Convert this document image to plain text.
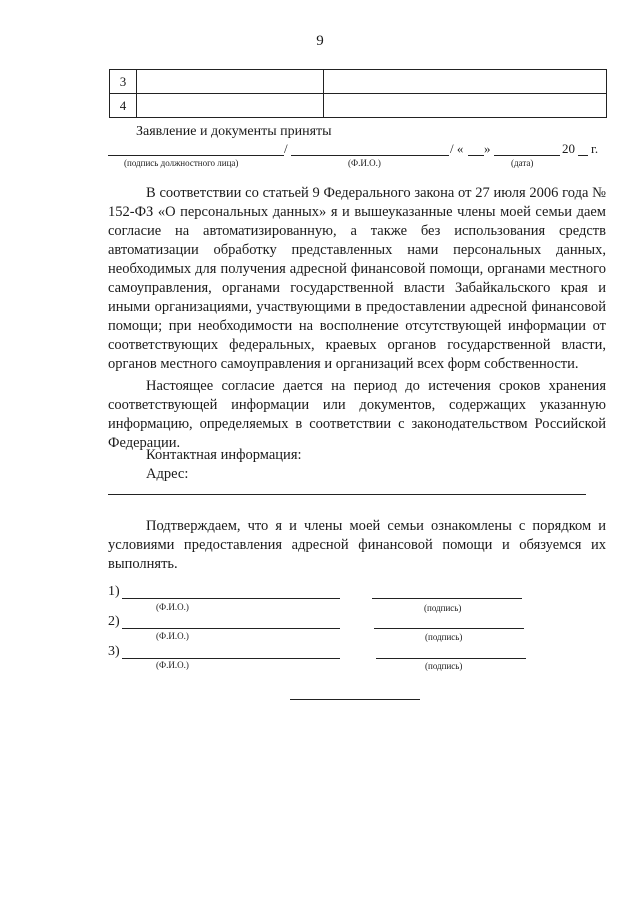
9
3		
4		
Заявление и документы приняты
/	/ « »	20 г.
(подпись должностного лица)	(Ф.И.О.)	(дата)
В соответствии со статьей 9 Федерального закона от 27 июля 2006 года № 152-ФЗ «О персональных данных» я и вышеуказанные члены моей семьи даем согласие на автоматизированную, а также без использования средств автоматизации обработку представленных нами персональных данных, необходимых для получения адресной финансовой помощи, органами местного самоуправления, органами государственной власти Забайкальского края и иными организациями, участвующими в предоставлении адресной финансовой помощи; при необходимости на восполнение отсутствующей информации от соответствующих федеральных, краевых органов государственной власти, органов местного самоуправления и организаций всех форм собственности.
Настоящее согласие дается на период до истечения сроков хранения соответствующей информации или документов, содержащих указанную информацию, определяемых в соответствии с законодательством Российской Федерации.
Контактная информация:
Адрес:
Подтверждаем, что я и члены моей семьи ознакомлены с порядком и условиями предоставления адресной финансовой помощи и обязуемся их выполнять.
1)
(Ф.И.О.)	(подпись)
2)
(Ф.И.О.)	(подпись)
3)
(Ф.И.О.)	(подпись)
